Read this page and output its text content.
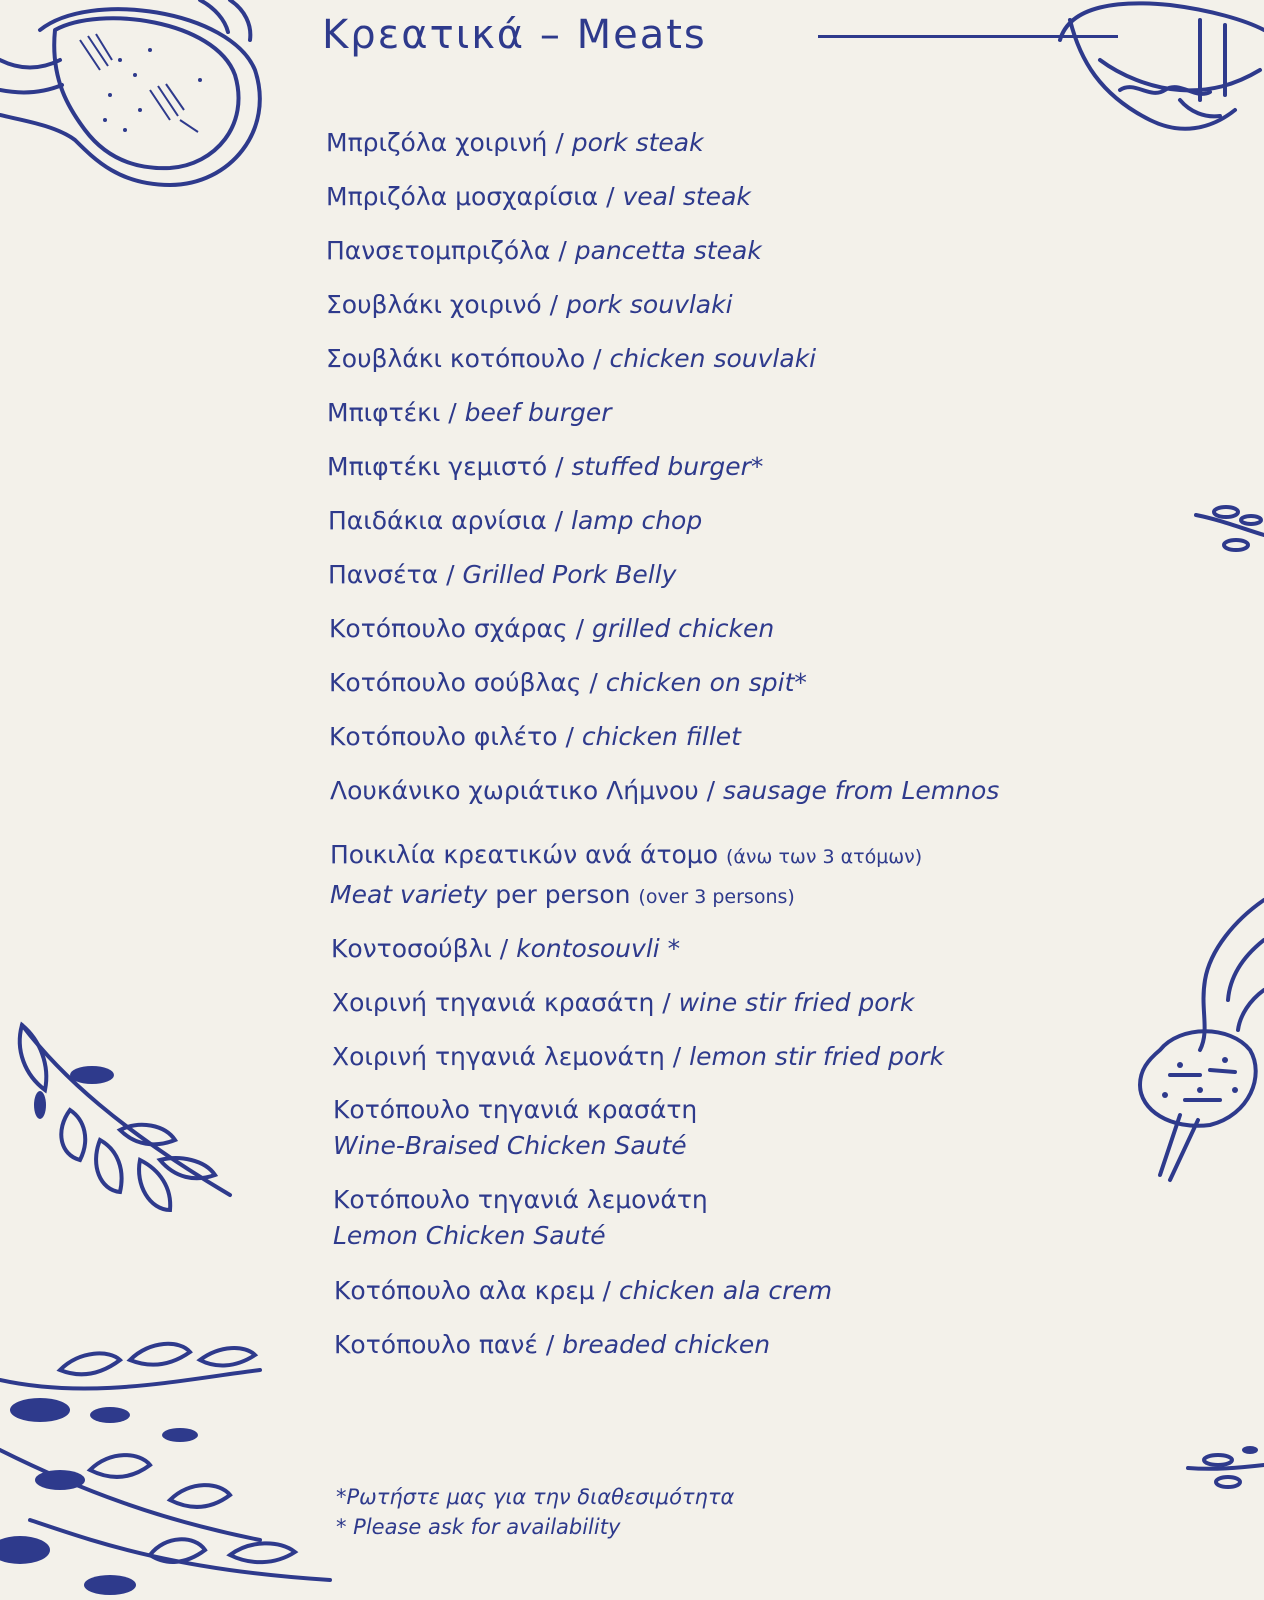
Κρεατικά – Meats
Μπριζόλα χοιρινή / pork steak
Μπριζόλα μοσχαρίσια / veal steak
Πανσετομπριζόλα / pancetta steak
Σουβλάκι χοιρινό / pork souvlaki
Σουβλάκι κοτόπουλο / chicken souvlaki
Μπιφτέκι / beef burger
Μπιφτέκι γεμιστό / stuffed burger*
Παιδάκια αρνίσια / lamp chop
Πανσέτα / Grilled Pork Belly
Κοτόπουλο σχάρας / grilled chicken
Κοτόπουλο σούβλας / chicken on spit*
Κοτόπουλο φιλέτο / chicken fillet
Λουκάνικο χωριάτικο Λήμνου / sausage from Lemnos
Ποικιλία κρεατικών ανά άτομο (άνω των 3 ατόμων)
Meat variety per person (over 3 persons)
Κοντοσούβλι / kontosouvli *
Χοιρινή τηγανιά κρασάτη / wine stir fried pork
Χοιρινή τηγανιά λεμονάτη / lemon stir fried pork
Κοτόπουλο τηγανιά κρασάτη
Wine-Braised Chicken Sauté
Κοτόπουλο τηγανιά λεμονάτη
Lemon Chicken Sauté
Κοτόπουλο αλα κρεμ / chicken ala crem
Κοτόπουλο πανέ / breaded chicken
*Ρωτήστε μας για την διαθεσιμότητα
* Please ask for availability
